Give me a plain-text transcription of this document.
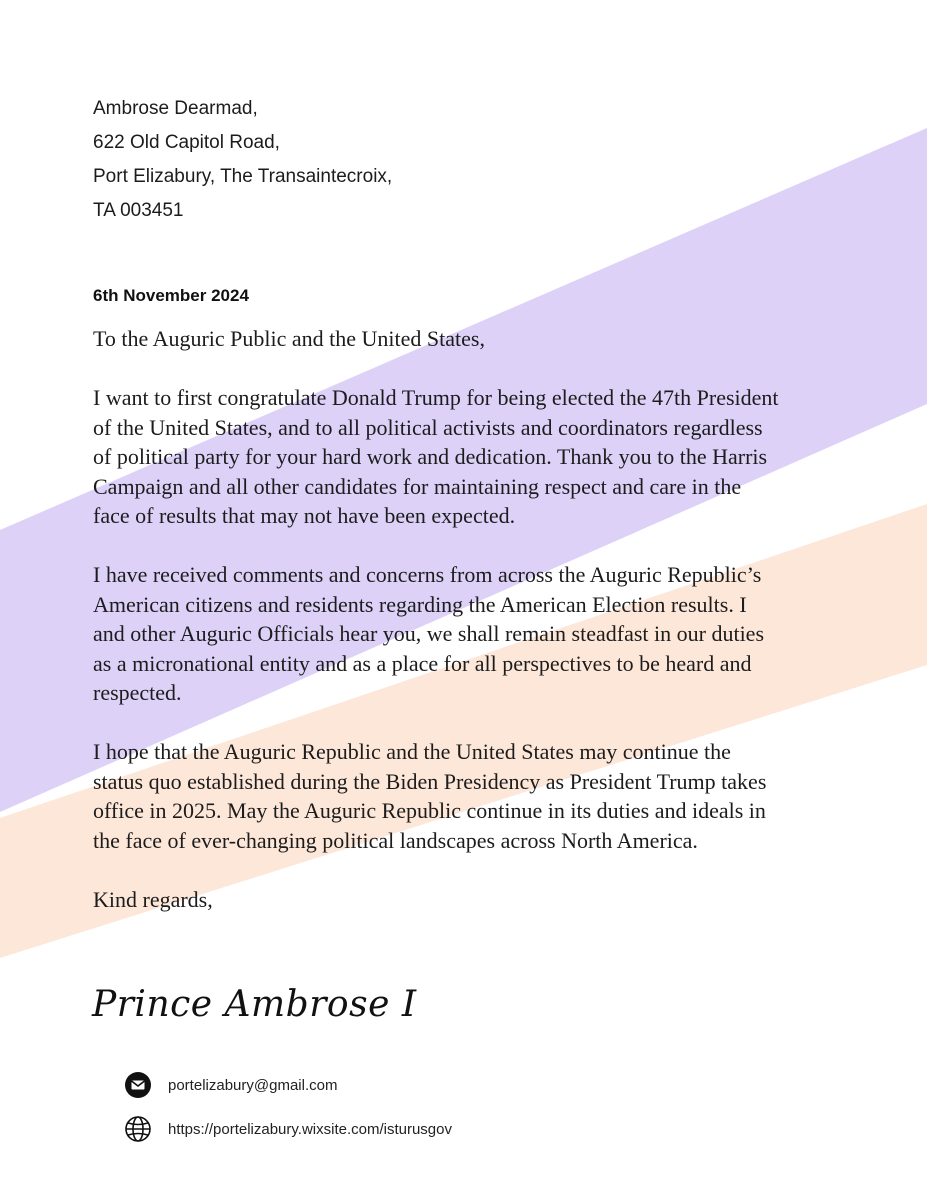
Ambrose Dearmad,
622 Old Capitol Road,
Port Elizabury, The Transaintecroix,
TA 003451
6th November 2024

To the Auguric Public and the United States,

I want to first congratulate Donald Trump for being elected the 47th President of the United States, and to all political activists and coordinators regardless of political party for your hard work and dedication. Thank you to the Harris Campaign and all other candidates for maintaining respect and care in the face of results that may not have been expected.

I have received comments and concerns from across the Auguric Republic’s American citizens and residents regarding the American Election results. I and other Auguric Officials hear you, we shall remain steadfast in our duties as a micronational entity and as a place for all perspectives to be heard and respected.

I hope that the Auguric Republic and the United States may continue the status quo established during the Biden Presidency as President Trump takes office in 2025. May the Auguric Republic continue in its duties and ideals in the face of ever-changing political landscapes across North America.

Kind regards,

Prince Ambrose I
portelizabury@gmail.com
https://portelizabury.wixsite.com/isturusgov
